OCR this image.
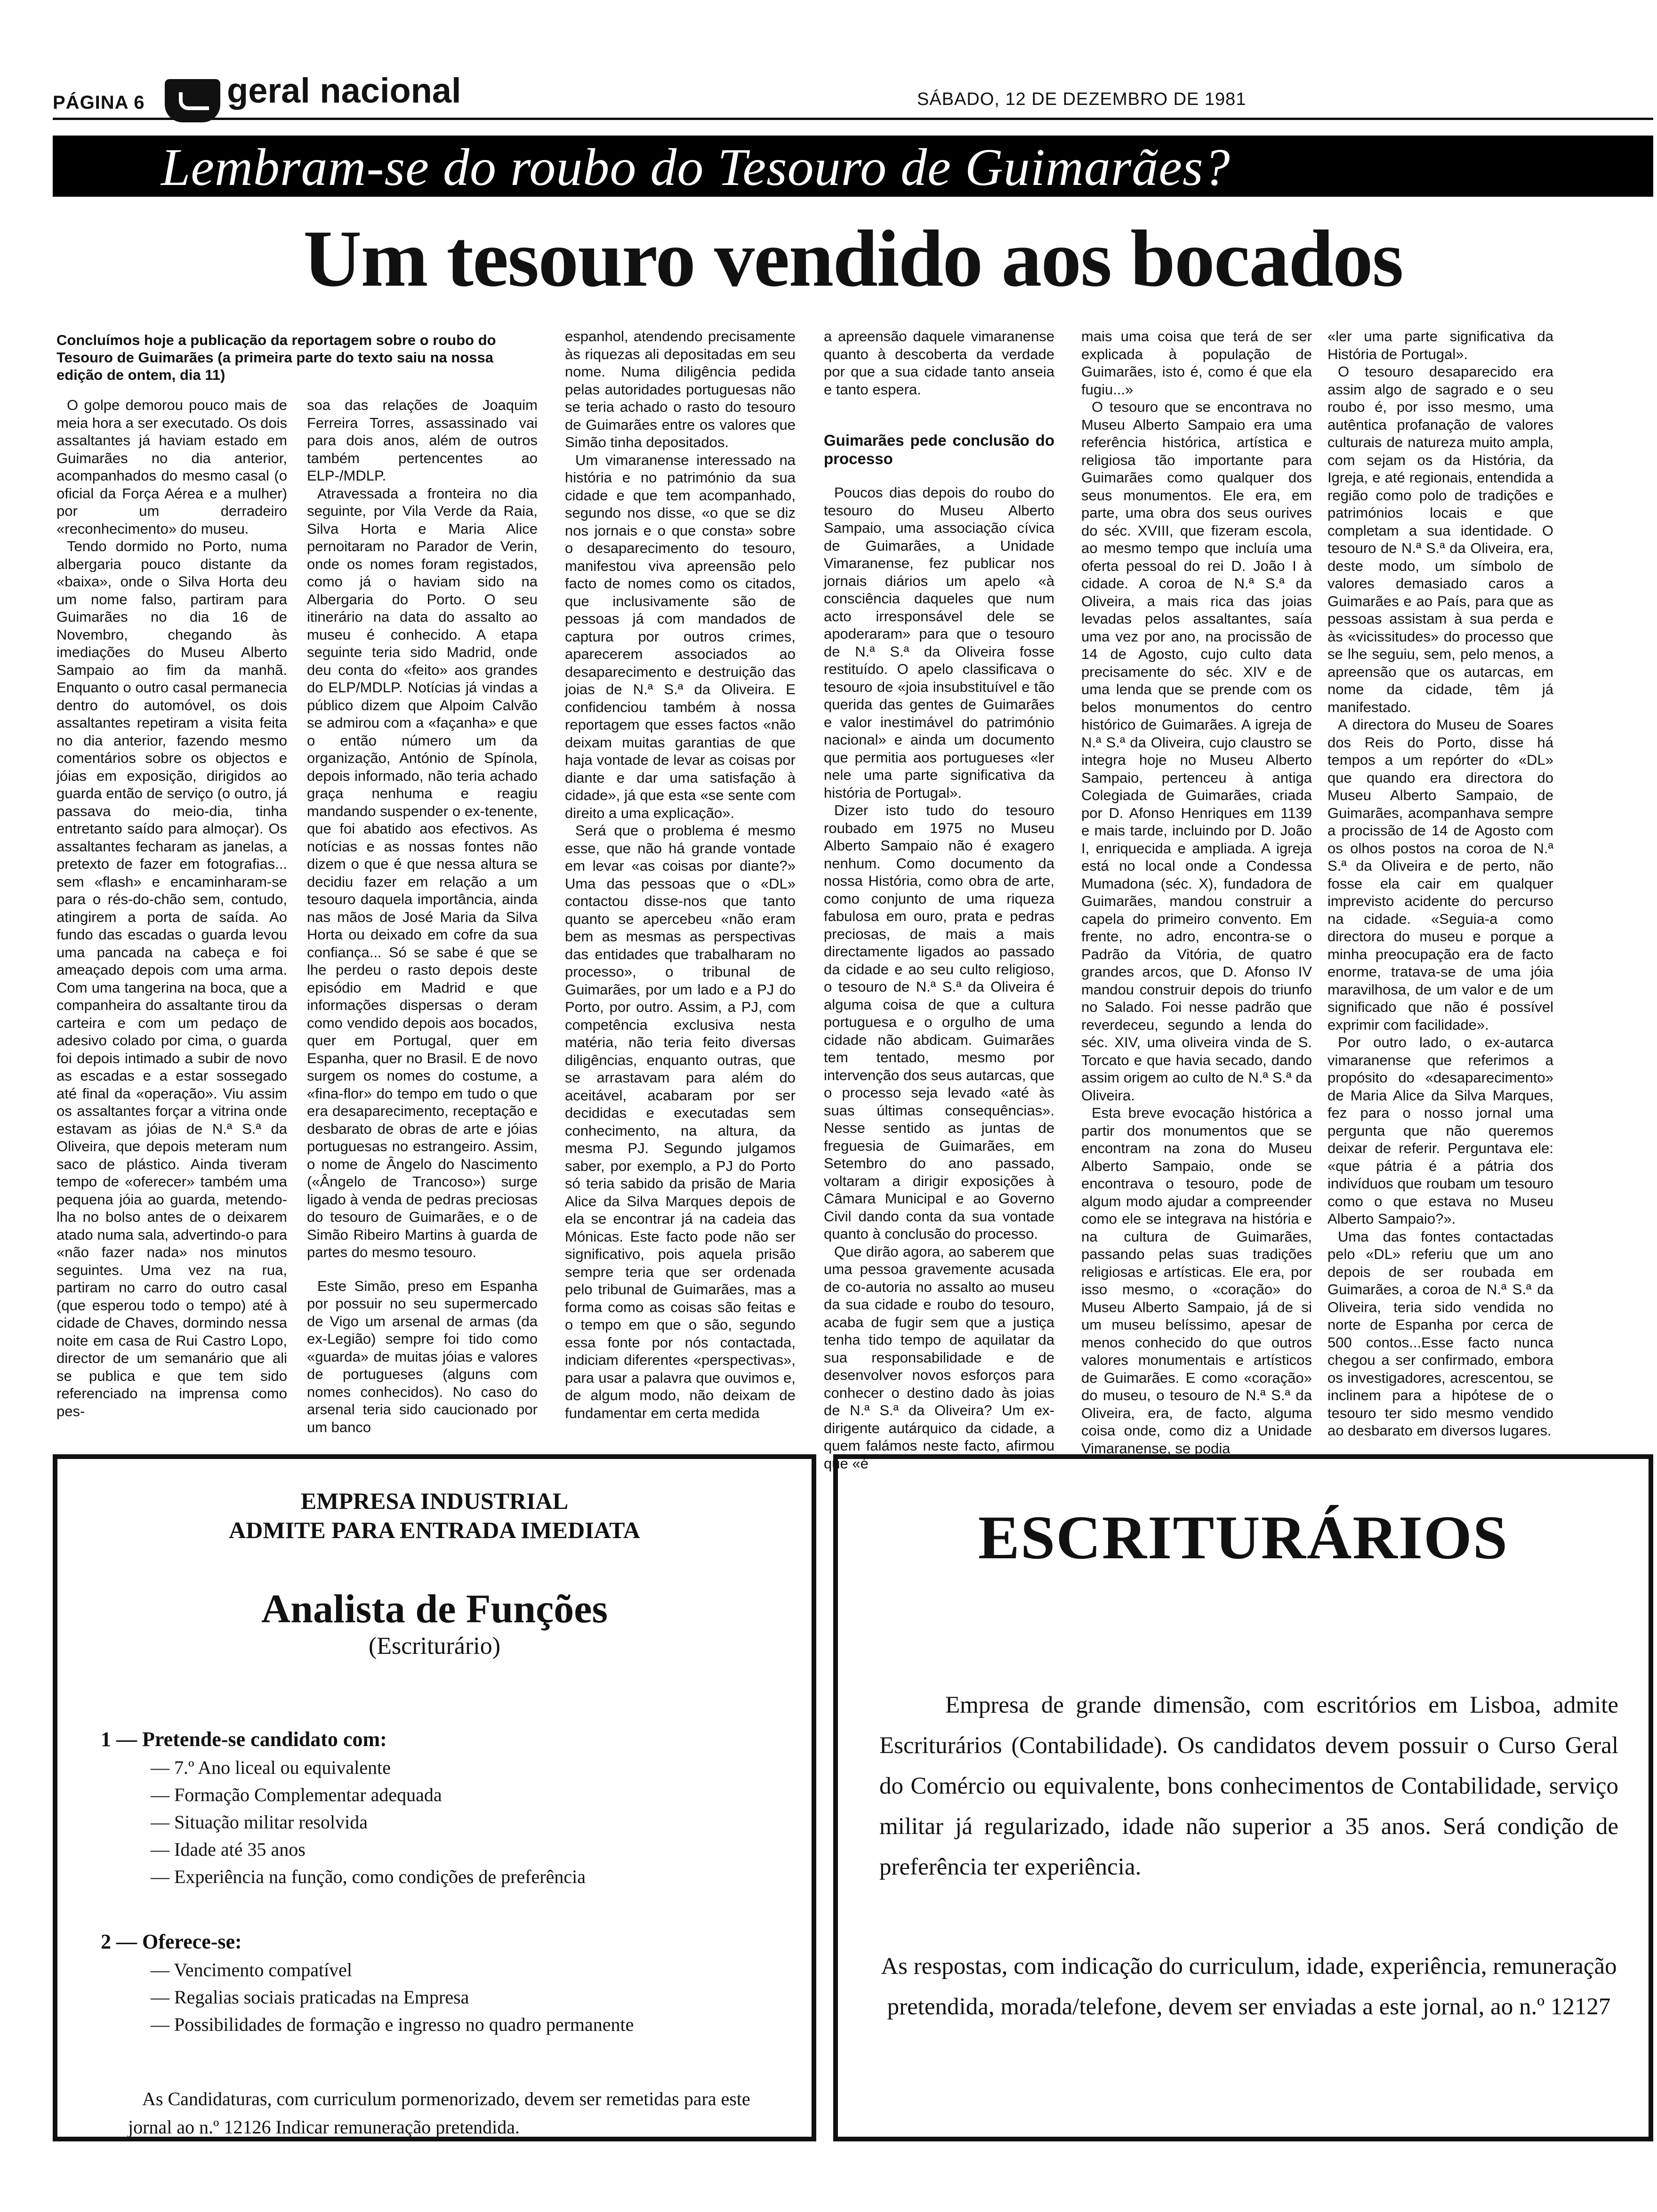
PÁGINA 6 geral nacional	SÁBADO, 12 DE DEZEMBRO DE 1981
Lembram-se do roubo do Tesouro de Guimarães?
Um tesouro vendido aos bocados
Concluímos hoje a publicação da reportagem sobre o roubo do Tesouro de Guimarães (a primeira parte do texto saiu na nossa edição de ontem, dia 11)

O golpe demorou pouco mais de meia hora a ser executado. Os dois assaltantes já haviam estado em Guimarães no dia anterior, acompanhados do mesmo casal (o oficial da Força Aérea e a mulher) por um derradeiro «reconhecimento» do museu.

Tendo dormido no Porto, numa albergaria pouco distante da «baixa», onde o Silva Horta deu um nome falso, partiram para Guimarães no dia 16 de Novembro, chegando às imediações do Museu Alberto Sampaio ao fim da manhã. Enquanto o outro casal permanecia dentro do automóvel, os dois assaltantes repetiram a visita feita no dia anterior, fazendo mesmo comentários sobre os objectos e jóias em exposição, dirigidos ao guarda então de serviço (o outro, já passava do meio-dia, tinha entretanto saído para almoçar). Os assaltantes fecharam as janelas, a pretexto de fazer em fotografias... sem «flash» e encaminharam-se para o rés-do-chão sem, contudo, atingirem a porta de saída. Ao fundo das escadas o guarda levou uma pancada na cabeça e foi ameaçado depois com uma arma. Com uma tangerina na boca, que a companheira do assaltante tirou da carteira e com um pedaço de adesivo colado por cima, o guarda foi depois intimado a subir de novo as escadas e a estar sossegado até final da «operação». Viu assim os assaltantes forçar a vitrina onde estavam as jóias de N.ª S.ª da Oliveira, que depois meteram num saco de plástico. Ainda tiveram tempo de «oferecer» também uma pequena jóia ao guarda, metendo-lha no bolso antes de o deixarem atado numa sala, advertindo-o para «não fazer nada» nos minutos seguintes. Uma vez na rua, partiram no carro do outro casal (que esperou todo o tempo) até à cidade de Chaves, dormindo nessa noite em casa de Rui Castro Lopo, director de um semanário que ali se publica e que tem sido referenciado na imprensa como pes-

soa das relações de Joaquim Ferreira Torres, assassinado vai para dois anos, além de outros também pertencentes ao ELP-/MDLP.

Atravessada a fronteira no dia seguinte, por Vila Verde da Raia, Silva Horta e Maria Alice pernoitaram no Parador de Verin, onde os nomes foram registados, como já o haviam sido na Albergaria do Porto. O seu itinerário na data do assalto ao museu é conhecido. A etapa seguinte teria sido Madrid, onde deu conta do «feito» aos grandes do ELP/MDLP. Notícias já vindas a público dizem que Alpoim Calvão se admirou com a «façanha» e que o então número um da organização, António de Spínola, depois informado, não teria achado graça nenhuma e reagiu mandando suspender o ex-tenente, que foi abatido aos efectivos. As notícias e as nossas fontes não dizem o que é que nessa altura se decidiu fazer em relação a um tesouro daquela importância, ainda nas mãos de José Maria da Silva Horta ou deixado em cofre da sua confiança... Só se sabe é que se lhe perdeu o rasto depois deste episódio em Madrid e que informações dispersas o deram como vendido depois aos bocados, quer em Portugal, quer em Espanha, quer no Brasil. E de novo surgem os nomes do costume, a «fina-flor» do tempo em tudo o que era desaparecimento, receptação e desbarato de obras de arte e jóias portuguesas no estrangeiro. Assim, o nome de Ângelo do Nascimento («Ângelo de Trancoso») surge ligado à venda de pedras preciosas do tesouro de Guimarães, e o de Simão Ribeiro Martins à guarda de partes do mesmo tesouro.

Este Simão, preso em Espanha por possuir no seu supermercado de Vigo um arsenal de armas (da ex-Legião) sempre foi tido como «guarda» de muitas jóias e valores de portugueses (alguns com nomes conhecidos). No caso do arsenal teria sido caucionado por um banco

espanhol, atendendo precisamente às riquezas ali depositadas em seu nome. Numa diligência pedida pelas autoridades portuguesas não se teria achado o rasto do tesouro de Guimarães entre os valores que Simão tinha depositados.

Um vimaranense interessado na história e no património da sua cidade e que tem acompanhado, segundo nos disse, «o que se diz nos jornais e o que consta» sobre o desaparecimento do tesouro, manifestou viva apreensão pelo facto de nomes como os citados, que inclusivamente são de pessoas já com mandados de captura por outros crimes, aparecerem associados ao desaparecimento e destruição das joias de N.ª S.ª da Oliveira. E confidenciou também à nossa reportagem que esses factos «não deixam muitas garantias de que haja vontade de levar as coisas por diante e dar uma satisfação à cidade», já que esta «se sente com direito a uma explicação».

Será que o problema é mesmo esse, que não há grande vontade em levar «as coisas por diante?» Uma das pessoas que o «DL» contactou disse-nos que tanto quanto se apercebeu «não eram bem as mesmas as perspectivas das entidades que trabalharam no processo», o tribunal de Guimarães, por um lado e a PJ do Porto, por outro. Assim, a PJ, com competência exclusiva nesta matéria, não teria feito diversas diligências, enquanto outras, que se arrastavam para além do aceitável, acabaram por ser decididas e executadas sem conhecimento, na altura, da mesma PJ. Segundo julgamos saber, por exemplo, a PJ do Porto só teria sabido da prisão de Maria Alice da Silva Marques depois de ela se encontrar já na cadeia das Mónicas. Este facto pode não ser significativo, pois aquela prisão sempre teria que ser ordenada pelo tribunal de Guimarães, mas a forma como as coisas são feitas e o tempo em que o são, segundo essa fonte por nós contactada, indiciam diferentes «perspectivas», para usar a palavra que ouvimos e, de algum modo, não deixam de fundamentar em certa medida

a apreensão daquele vimaranense quanto à descoberta da verdade por que a sua cidade tanto anseia e tanto espera.

Guimarães pede conclusão do processo

Poucos dias depois do roubo do tesouro do Museu Alberto Sampaio, uma associação cívica de Guimarães, a Unidade Vimaranense, fez publicar nos jornais diários um apelo «à consciência daqueles que num acto irresponsável dele se apoderaram» para que o tesouro de N.ª S.ª da Oliveira fosse restituído. O apelo classificava o tesouro de «joia insubstituível e tão querida das gentes de Guimarães e valor inestimável do património nacional» e ainda um documento que permitia aos portugueses «ler nele uma parte significativa da história de Portugal».

Dizer isto tudo do tesouro roubado em 1975 no Museu Alberto Sampaio não é exagero nenhum. Como documento da nossa História, como obra de arte, como conjunto de uma riqueza fabulosa em ouro, prata e pedras preciosas, de mais a mais directamente ligados ao passado da cidade e ao seu culto religioso, o tesouro de N.ª S.ª da Oliveira é alguma coisa de que a cultura portuguesa e o orgulho de uma cidade não abdicam. Guimarães tem tentado, mesmo por intervenção dos seus autarcas, que o processo seja levado «até às suas últimas consequências». Nesse sentido as juntas de freguesia de Guimarães, em Setembro do ano passado, voltaram a dirigir exposições à Câmara Municipal e ao Governo Civil dando conta da sua vontade quanto à conclusão do processo.

Que dirão agora, ao saberem que uma pessoa gravemente acusada de co-autoria no assalto ao museu da sua cidade e roubo do tesouro, acaba de fugir sem que a justiça tenha tido tempo de aquilatar da sua responsabilidade e de desenvolver novos esforços para conhecer o destino dado às joias de N.ª S.ª da Oliveira? Um ex-dirigente autárquico da cidade, a quem falámos neste facto, afirmou que «é

mais uma coisa que terá de ser explicada à população de Guimarães, isto é, como é que ela fugiu...»

O tesouro que se encontrava no Museu Alberto Sampaio era uma referência histórica, artística e religiosa tão importante para Guimarães como qualquer dos seus monumentos. Ele era, em parte, uma obra dos seus ourives do séc. XVIII, que fizeram escola, ao mesmo tempo que incluía uma oferta pessoal do rei D. João I à cidade. A coroa de N.ª S.ª da Oliveira, a mais rica das joias levadas pelos assaltantes, saía uma vez por ano, na procissão de 14 de Agosto, cujo culto data precisamente do séc. XIV e de uma lenda que se prende com os belos monumentos do centro histórico de Guimarães. A igreja de N.ª S.ª da Oliveira, cujo claustro se integra hoje no Museu Alberto Sampaio, pertenceu à antiga Colegiada de Guimarães, criada por D. Afonso Henriques em 1139 e mais tarde, incluindo por D. João I, enriquecida e ampliada. A igreja está no local onde a Condessa Mumadona (séc. X), fundadora de Guimarães, mandou construir a capela do primeiro convento. Em frente, no adro, encontra-se o Padrão da Vitória, de quatro grandes arcos, que D. Afonso IV mandou construir depois do triunfo no Salado. Foi nesse padrão que reverdeceu, segundo a lenda do séc. XIV, uma oliveira vinda de S. Torcato e que havia secado, dando assim origem ao culto de N.ª S.ª da Oliveira.

Esta breve evocação histórica a partir dos monumentos que se encontram na zona do Museu Alberto Sampaio, onde se encontrava o tesouro, pode de algum modo ajudar a compreender como ele se integrava na história e na cultura de Guimarães, passando pelas suas tradições religiosas e artísticas. Ele era, por isso mesmo, o «coração» do Museu Alberto Sampaio, já de si um museu belíssimo, apesar de menos conhecido do que outros valores monumentais e artísticos de Guimarães. E como «coração» do museu, o tesouro de N.ª S.ª da Oliveira, era, de facto, alguma coisa onde, como diz a Unidade Vimaranense, se podia

«ler uma parte significativa da História de Portugal».

O tesouro desaparecido era assim algo de sagrado e o seu roubo é, por isso mesmo, uma autêntica profanação de valores culturais de natureza muito ampla, com sejam os da História, da Igreja, e até regionais, entendida a região como polo de tradições e patrimónios locais e que completam a sua identidade. O tesouro de N.ª S.ª da Oliveira, era, deste modo, um símbolo de valores demasiado caros a Guimarães e ao País, para que as pessoas assistam à sua perda e às «vicissitudes» do processo que se lhe seguiu, sem, pelo menos, a apreensão que os autarcas, em nome da cidade, têm já manifestado.

A directora do Museu de Soares dos Reis do Porto, disse há tempos a um repórter do «DL» que quando era directora do Museu Alberto Sampaio, de Guimarães, acompanhava sempre a procissão de 14 de Agosto com os olhos postos na coroa de N.ª S.ª da Oliveira e de perto, não fosse ela cair em qualquer imprevisto acidente do percurso na cidade. «Seguia-a como directora do museu e porque a minha preocupação era de facto enorme, tratava-se de uma jóia maravilhosa, de um valor e de um significado que não é possível exprimir com facilidade».

Por outro lado, o ex-autarca vimaranense que referimos a propósito do «desaparecimento» de Maria Alice da Silva Marques, fez para o nosso jornal uma pergunta que não queremos deixar de referir. Perguntava ele: «que pátria é a pátria dos indivíduos que roubam um tesouro como o que estava no Museu Alberto Sampaio?».

Uma das fontes contactadas pelo «DL» referiu que um ano depois de ser roubada em Guimarães, a coroa de N.ª S.ª da Oliveira, teria sido vendida no norte de Espanha por cerca de 500 contos...Esse facto nunca chegou a ser confirmado, embora os investigadores, acrescentou, se inclinem para a hipótese de o tesouro ter sido mesmo vendido ao desbarato em diversos lugares.

EMPRESA INDUSTRIAL
ADMITE PARA ENTRADA IMEDIATA
Analista de Funções
(Escriturário)
1 — Pretende-se candidato com:
— 7.º Ano liceal ou equivalente
— Formação Complementar adequada
— Situação militar resolvida
— Idade até 35 anos
— Experiência na função, como condições de preferência
2 — Oferece-se:
— Vencimento compatível
— Regalias sociais praticadas na Empresa
— Possibilidades de formação e ingresso no quadro permanente
As Candidaturas, com curriculum pormenorizado, devem ser remetidas para este jornal ao n.º 12126 Indicar remuneração pretendida.
ESCRITURÁRIOS
Empresa de grande dimensão, com escritórios em Lisboa, admite Escriturários (Contabilidade). Os candidatos devem possuir o Curso Geral do Comércio ou equivalente, bons conhecimentos de Contabilidade, serviço militar já regularizado, idade não superior a 35 anos. Será condição de preferência ter experiência.
As respostas, com indicação do curriculum, idade, experiência, remuneração pretendida, morada/telefone, devem ser enviadas a este jornal, ao n.º 12127
